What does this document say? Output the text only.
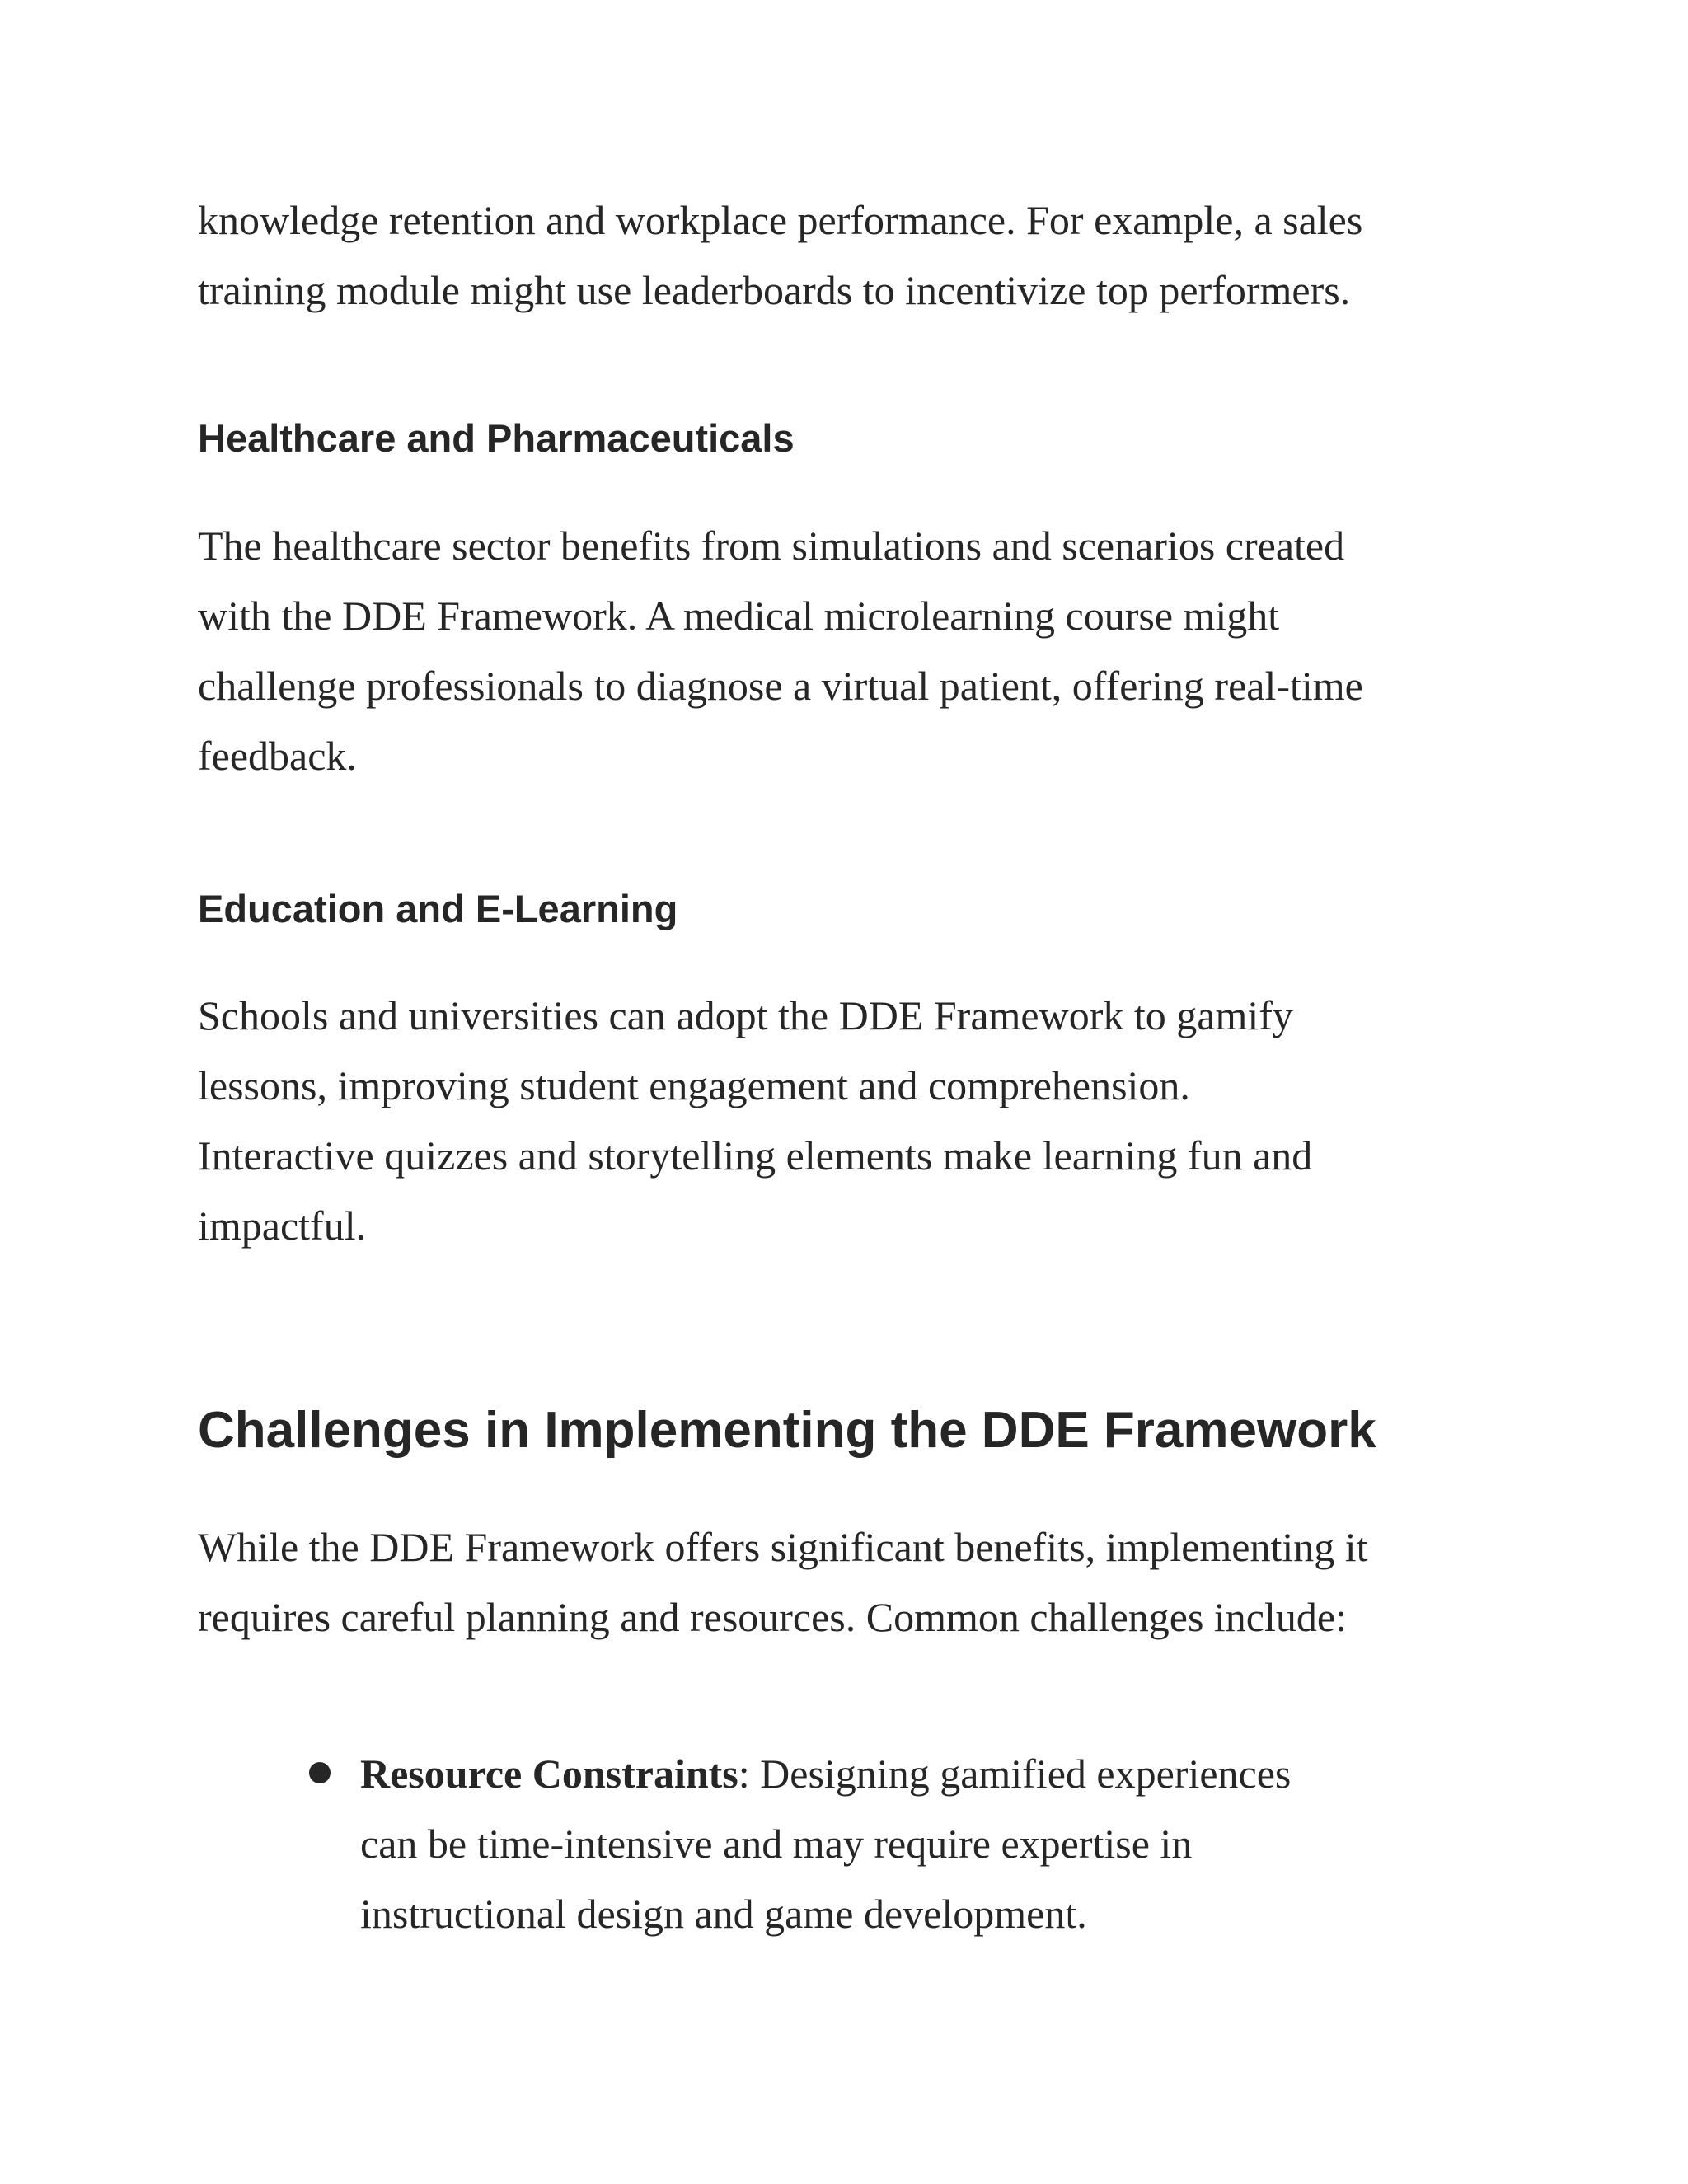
knowledge retention and workplace performance. For example, a sales
training module might use leaderboards to incentivize top performers.

Healthcare and Pharmaceuticals

The healthcare sector benefits from simulations and scenarios created
with the DDE Framework. A medical microlearning course might
challenge professionals to diagnose a virtual patient, offering real-time
feedback.

Education and E-Learning

Schools and universities can adopt the DDE Framework to gamify
lessons, improving student engagement and comprehension.
Interactive quizzes and storytelling elements make learning fun and
impactful.

Challenges in Implementing the DDE Framework

While the DDE Framework offers significant benefits, implementing it
requires careful planning and resources. Common challenges include:

Resource Constraints: Designing gamified experiences
can be time-intensive and may require expertise in
instructional design and game development.
